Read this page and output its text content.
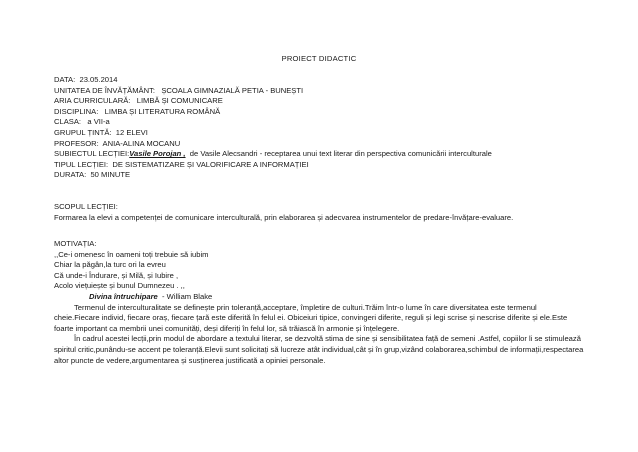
PROIECT DIDACTIC
DATA: 23.05.2014
UNITATEA DE ÎNVĂȚĂMÂNT: ȘCOALA GIMNAZIALĂ PETIA - BUNEȘTI
ARIA CURRICULARĂ: LIMBĂ ȘI COMUNICARE
DISCIPLINA: LIMBA ȘI LITERATURA ROMÂNĂ
CLASA: a VII-a
GRUPUL ȚINTĂ: 12 ELEVI
PROFESOR: ANIA-ALINA MOCANU
SUBIECTUL LECȚIEI:Vasile Porojan , de Vasile Alecsandri - receptarea unui text literar din perspectiva comunicării interculturale
TIPUL LECȚIEI: DE SISTEMATIZARE ȘI VALORIFICARE A INFORMAȚIEI
DURATA: 50 MINUTE
SCOPUL LECȚIEI:
Formarea la elevi a competenței de comunicare interculturală, prin elaborarea și adecvarea instrumentelor de predare-învățare-evaluare.
MOTIVAȚIA:
,,Ce-i omenesc în oameni toți trebuie să iubim
Chiar la păgân,la turc ori la evreu
Că unde-i Îndurare, și Milă, și Iubire ,
Acolo viețuiește și bunul Dumnezeu . ,,
Divina întruchipare - William Blake
Termenul de interculturalitate se definește prin toleranță,acceptare, împletire de culturi.Trăim într-o lume în care diversitatea este termenul cheie.Fiecare individ, fiecare oraș, fiecare țară este diferită în felul ei. Obiceiuri tipice, convingeri diferite, reguli și legi scrise și nescrise diferite și ele.Este foarte important ca membrii unei comunități, deși diferiți în felul lor, să trăiască în armonie și înțelegere.
În cadrul acestei lecții,prin modul de abordare a textului literar, se dezvoltă stima de sine și sensibilitatea față de semeni .Astfel, copiilor li se stimulează spiritul critic,punându-se accent pe toleranță.Elevii sunt solicitați să lucreze atât individual,cât și în grup,vizând colaborarea,schimbul de informații,respectarea altor puncte de vedere,argumentarea și susținerea justificată a opiniei personale.
